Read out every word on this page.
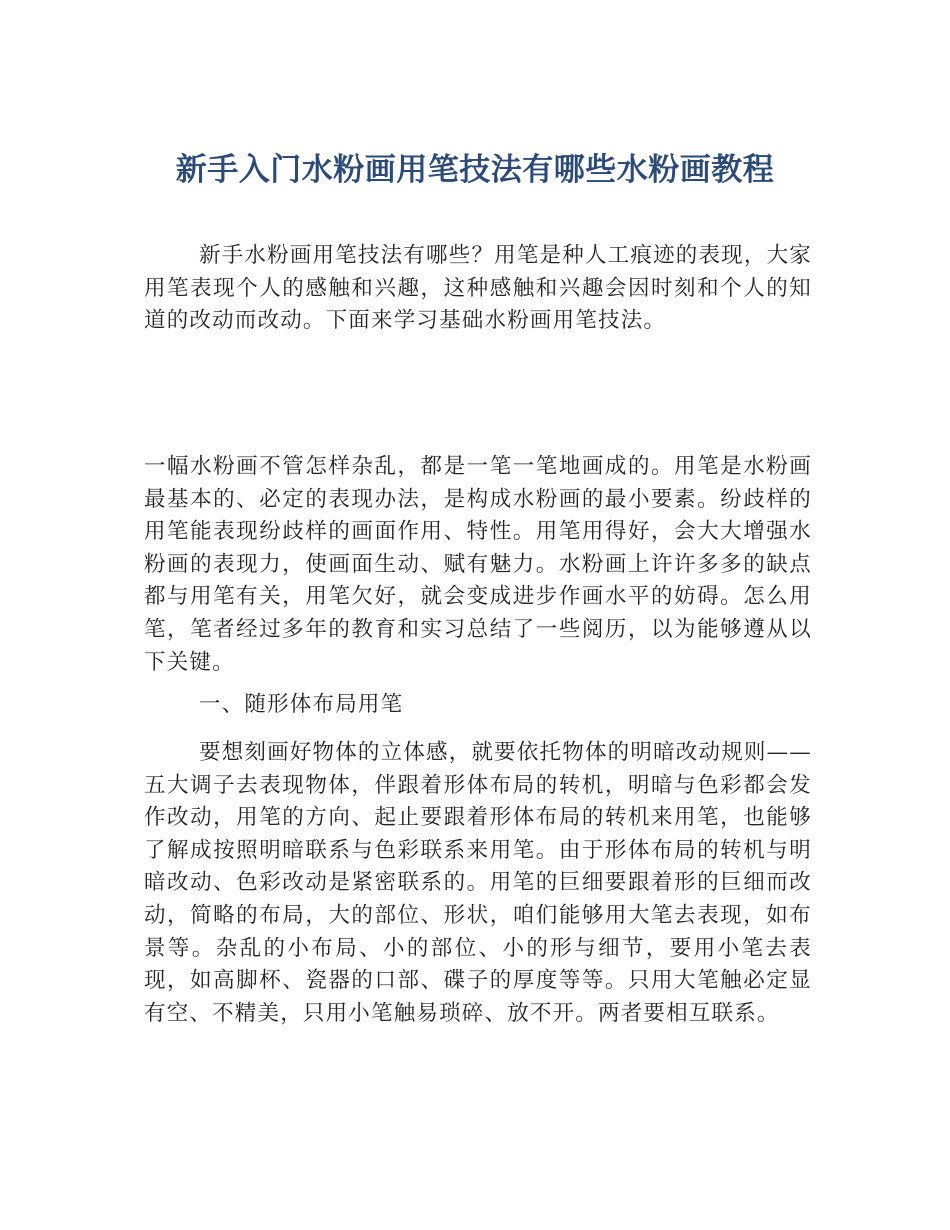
新手入门水粉画用笔技法有哪些水粉画教程

新手水粉画用笔技法有哪些？用笔是种人工痕迹的表现，大家用笔表现个人的感触和兴趣，这种感触和兴趣会因时刻和个人的知道的改动而改动。下面来学习基础水粉画用笔技法。

一幅水粉画不管怎样杂乱，都是一笔一笔地画成的。用笔是水粉画最基本的、必定的表现办法，是构成水粉画的最小要素。纷歧样的用笔能表现纷歧样的画面作用、特性。用笔用得好，会大大增强水粉画的表现力，使画面生动、赋有魅力。水粉画上许许多多的缺点都与用笔有关，用笔欠好，就会变成进步作画水平的妨碍。怎么用笔，笔者经过多年的教育和实习总结了一些阅历，以为能够遵从以下关键。

一、随形体布局用笔

要想刻画好物体的立体感，就要依托物体的明暗改动规则——五大调子去表现物体，伴跟着形体布局的转机，明暗与色彩都会发作改动，用笔的方向、起止要跟着形体布局的转机来用笔，也能够了解成按照明暗联系与色彩联系来用笔。由于形体布局的转机与明暗改动、色彩改动是紧密联系的。用笔的巨细要跟着形的巨细而改动，简略的布局，大的部位、形状，咱们能够用大笔去表现，如布景等。杂乱的小布局、小的部位、小的形与细节，要用小笔去表现，如高脚杯、瓷器的口部、碟子的厚度等等。只用大笔触必定显有空、不精美，只用小笔触易琐碎、放不开。两者要相互联系。
